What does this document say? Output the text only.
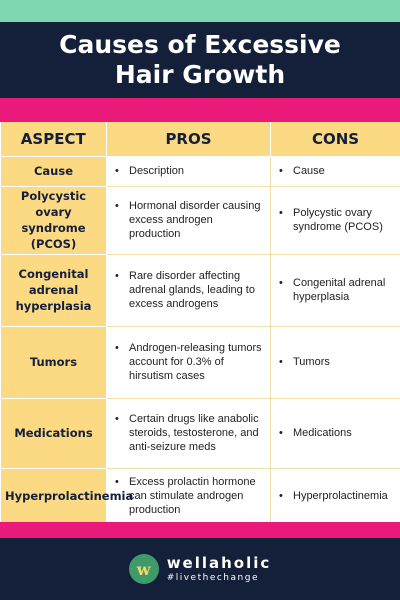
Causes of Excessive Hair Growth
ASPECT	PROS	CONS
Cause	• Description	• Cause

Polycystic ovary syndrome (PCOS)	• Hormonal disorder causing excess androgen production	• Polycystic ovary syndrome (PCOS)

Congenital adrenal hyperplasia	• Rare disorder affecting adrenal glands, leading to excess androgens	• Congenital adrenal hyperplasia

Tumors	• Androgen-releasing tumors account for 0.3% of hirsutism cases	• Tumors

Medications	• Certain drugs like anabolic steroids, testosterone, and anti-seizure meds	• Medications

Hyperprolactinemia	• Excess prolactin hormone can stimulate androgen production	• Hyperprolactinemia
w wellaholic
#livethechange
